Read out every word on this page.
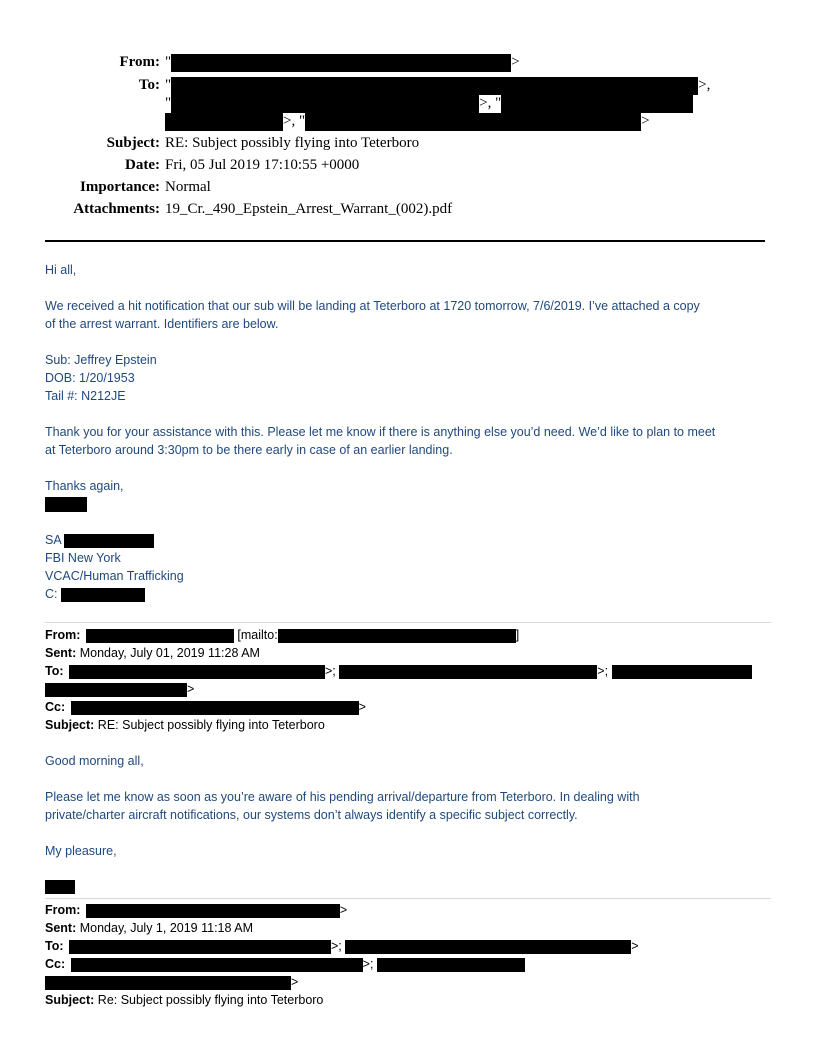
From: "	>
To: "	>,
"	>, "
>, "	>
Subject: RE: Subject possibly flying into Teterboro
Date: Fri, 05 Jul 2019 17:10:55 +0000
Importance: Normal
Attachments: 19_Cr._490_Epstein_Arrest_Warrant_(002).pdf
Hi all,
We received a hit notification that our sub will be landing at Teterboro at 1720 tomorrow, 7/6/2019. I’ve attached a copy
of the arrest warrant. Identifiers are below.
Sub: Jeffrey Epstein
DOB: 1/20/1953
Tail #: N212JE
Thank you for your assistance with this. Please let me know if there is anything else you’d need. We’d like to plan to meet
at Teterboro around 3:30pm to be there early in case of an earlier landing.
Thanks again,
SA
FBI New York
VCAC/Human Trafficking
C:
From:	[mailto:	]
Sent: Monday, July 01, 2019 11:28 AM
To:	>;	>;
>
Cc:	>
Subject: RE: Subject possibly flying into Teterboro
Good morning all,
Please let me know as soon as you’re aware of his pending arrival/departure from Teterboro. In dealing with
private/charter aircraft notifications, our systems don’t always identify a specific subject correctly.
My pleasure,
From:	>
Sent: Monday, July 1, 2019 11:18 AM
To:	>;	>
Cc:	>;
>
Subject: Re: Subject possibly flying into Teterboro
